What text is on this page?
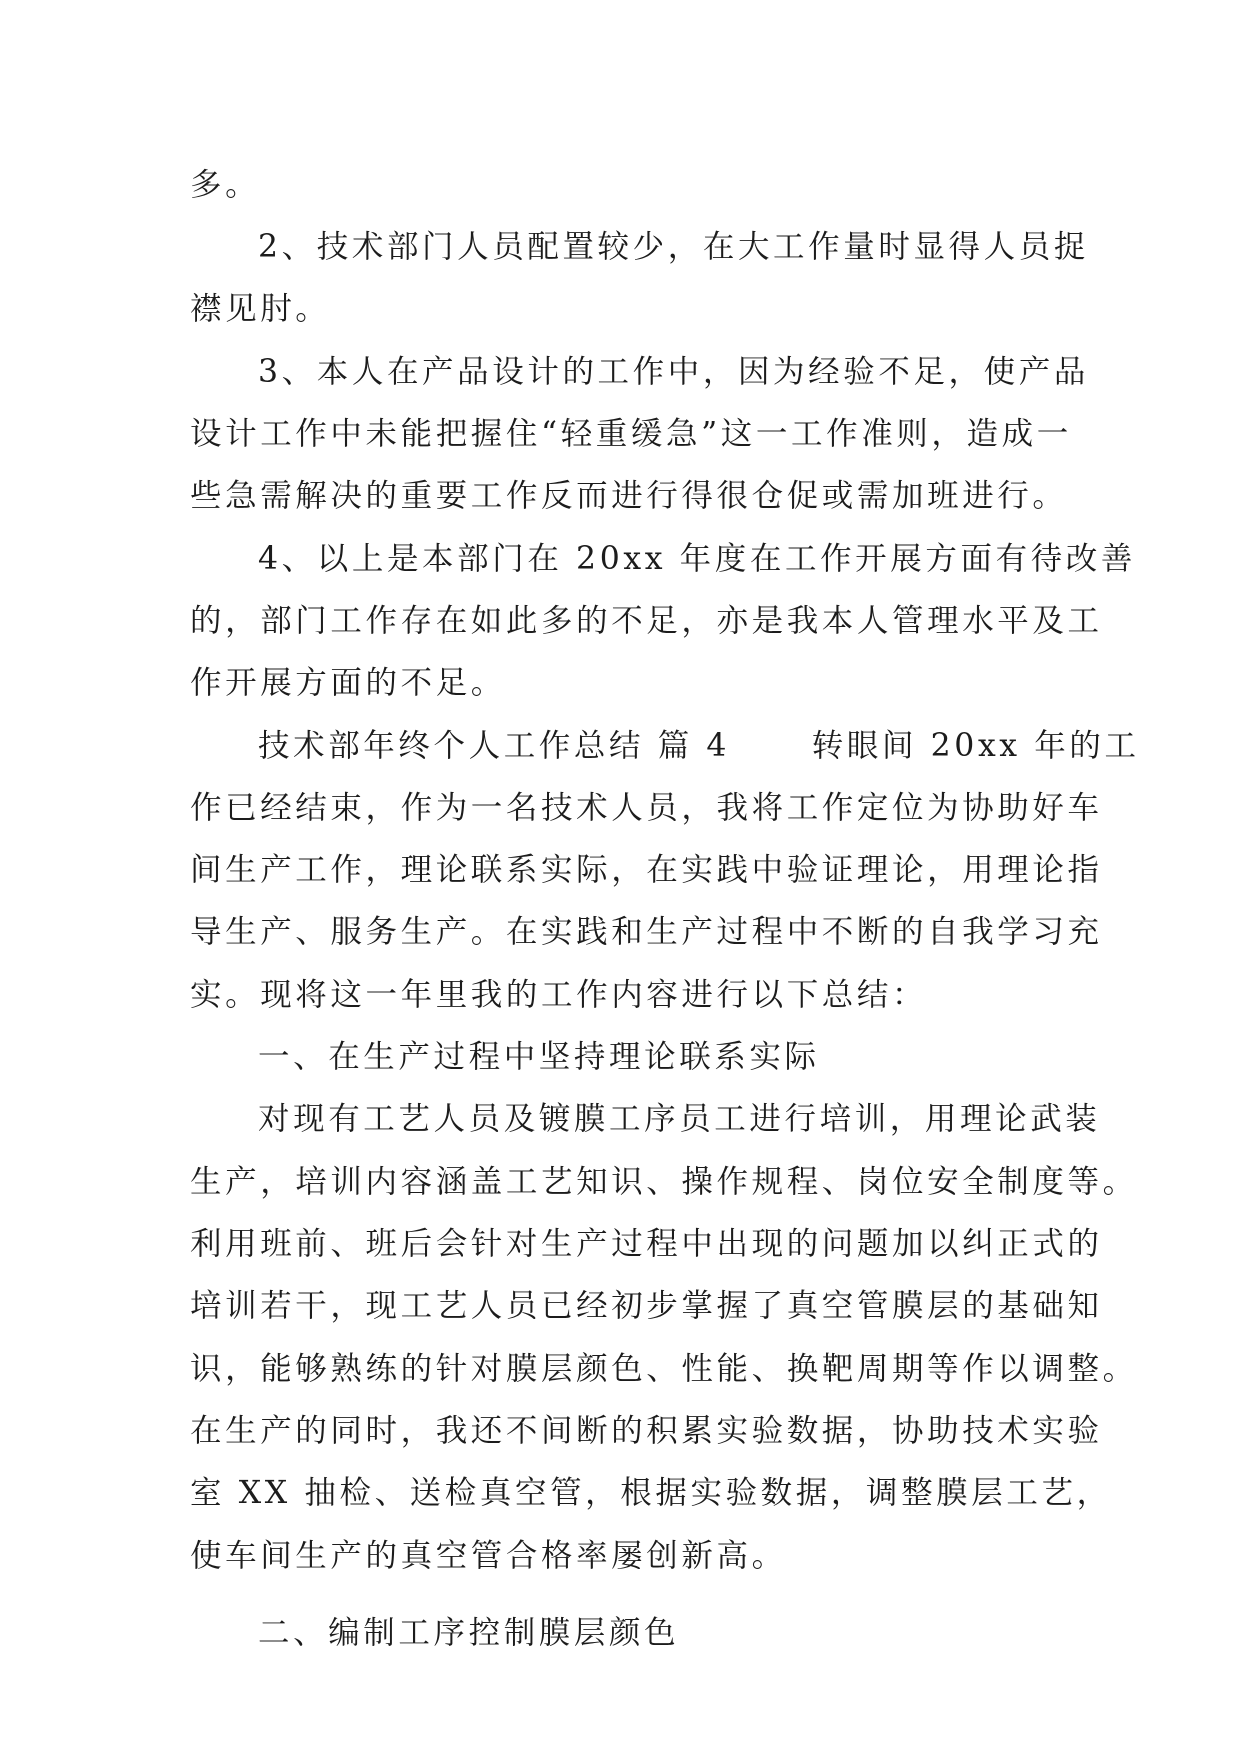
多。
2、技术部门人员配置较少，在大工作量时显得人员捉
襟见肘。
3、本人在产品设计的工作中，因为经验不足，使产品
设计工作中未能把握住“轻重缓急”这一工作准则，造成一
些急需解决的重要工作反而进行得很仓促或需加班进行。
4、以上是本部门在 20xx 年度在工作开展方面有待改善
的，部门工作存在如此多的不足，亦是我本人管理水平及工
作开展方面的不足。
技术部年终个人工作总结 篇 4      转眼间 20xx 年的工
作已经结束，作为一名技术人员，我将工作定位为协助好车
间生产工作，理论联系实际，在实践中验证理论，用理论指
导生产、服务生产。在实践和生产过程中不断的自我学习充
实。现将这一年里我的工作内容进行以下总结：
一、在生产过程中坚持理论联系实际
对现有工艺人员及镀膜工序员工进行培训，用理论武装
生产，培训内容涵盖工艺知识、操作规程、岗位安全制度等。
利用班前、班后会针对生产过程中出现的问题加以纠正式的
培训若干，现工艺人员已经初步掌握了真空管膜层的基础知
识，能够熟练的针对膜层颜色、性能、换靶周期等作以调整。
在生产的同时，我还不间断的积累实验数据，协助技术实验
室 XX 抽检、送检真空管，根据实验数据，调整膜层工艺，
使车间生产的真空管合格率屡创新高。
二、编制工序控制膜层颜色
